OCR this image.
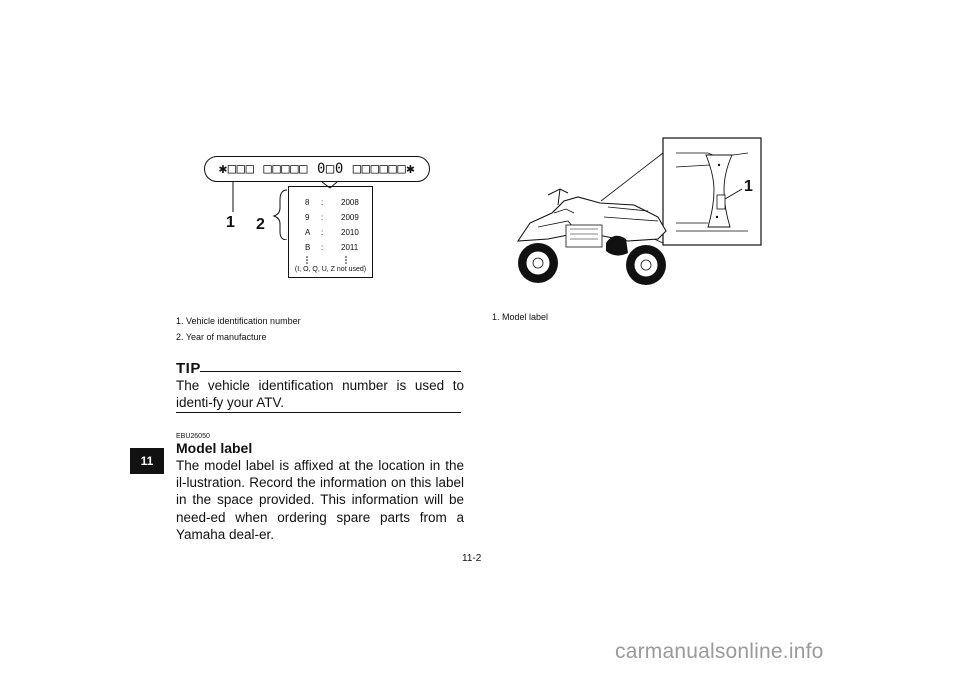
11
✱□□□ □□□□□ 0□0 □□□□□□✱
1 2
8 : 2008
9 : 2009
A : 2010
B : 2011
(I, O, Q, U, Z not used)
1. Vehicle identification number
2. Year of manufacture
TIP
The vehicle identification number is used to identi-fy your ATV.
EBU26050
Model label
The model label is affixed at the location in the il-lustration. Record the information on this label in the space provided. This information will be need-ed when ordering spare parts from a Yamaha deal-er.
1
1. Model label
11-2
carmanualsonline.info
